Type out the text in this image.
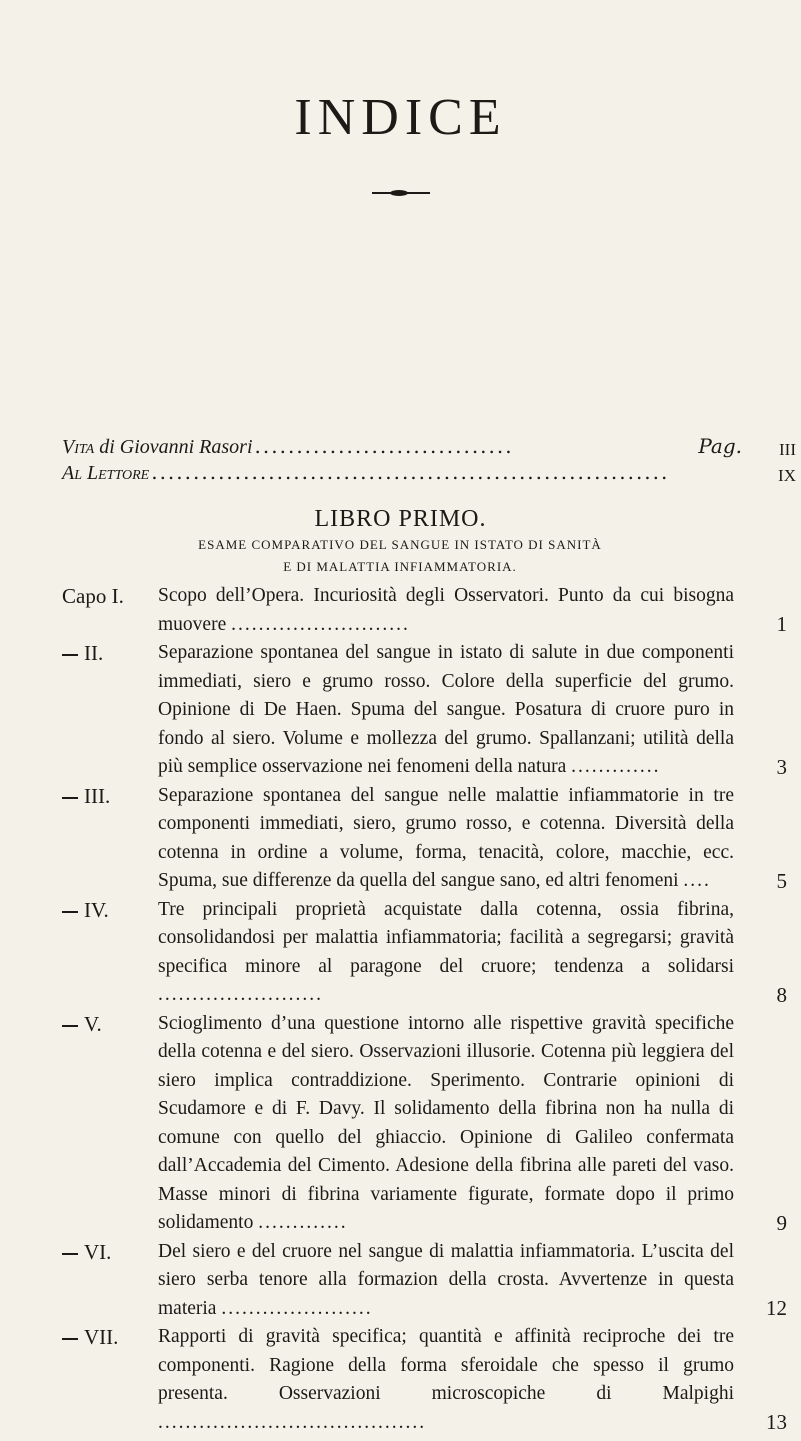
INDICE
Vita di Giovanni Rasori ...............................	Pag.	III
Al Lettore ..............................................................	IX
LIBRO PRIMO.
ESAME COMPARATIVO DEL SANGUE IN ISTATO DI SANITÀ
E DI MALATTIA INFIAMMATORIA.
Capo I.	Scopo dell’Opera. Incuriosità degli Osservatori. Punto da cui bisogna muovere ..........................	1
II.	Separazione spontanea del sangue in istato di salute in due componenti immediati, siero e grumo rosso. Colore della superficie del grumo. Opinione di De Haen. Spuma del sangue. Posatura di cruore puro in fondo al siero. Volume e mollezza del grumo. Spallanzani; utilità della più semplice osservazione nei fenomeni della natura .............	3
III.	Separazione spontanea del sangue nelle malattie infiammatorie in tre componenti immediati, siero, grumo rosso, e cotenna. Diversità della cotenna in ordine a volume, forma, tenacità, colore, macchie, ecc. Spuma, sue differenze da quella del sangue sano, ed altri fenomeni ....	5
IV.	Tre principali proprietà acquistate dalla cotenna, ossia fibrina, consolidandosi per malattia infiammatoria; facilità a segregarsi; gravità specifica minore al paragone del cruore; tendenza a solidarsi ........................	8
V.	Scioglimento d’una questione intorno alle rispettive gravità specifiche della cotenna e del siero. Osservazioni illusorie. Cotenna più leggiera del siero implica contraddizione. Sperimento. Contrarie opinioni di Scudamore e di F. Davy. Il solidamento della fibrina non ha nulla di comune con quello del ghiaccio. Opinione di Galileo confermata dall’Accademia del Cimento. Adesione della fibrina alle pareti del vaso. Masse minori di fibrina variamente figurate, formate dopo il primo solidamento .............	9
VI.	Del siero e del cruore nel sangue di malattia infiammatoria. L’uscita del siero serba tenore alla formazion della crosta. Avvertenze in questa materia ......................	12
VII.	Rapporti di gravità specifica; quantità e affinità reciproche dei tre componenti. Ragione della forma sferoidale che spesso il grumo presenta. Osservazioni microscopiche di Malpighi .......................................	13
